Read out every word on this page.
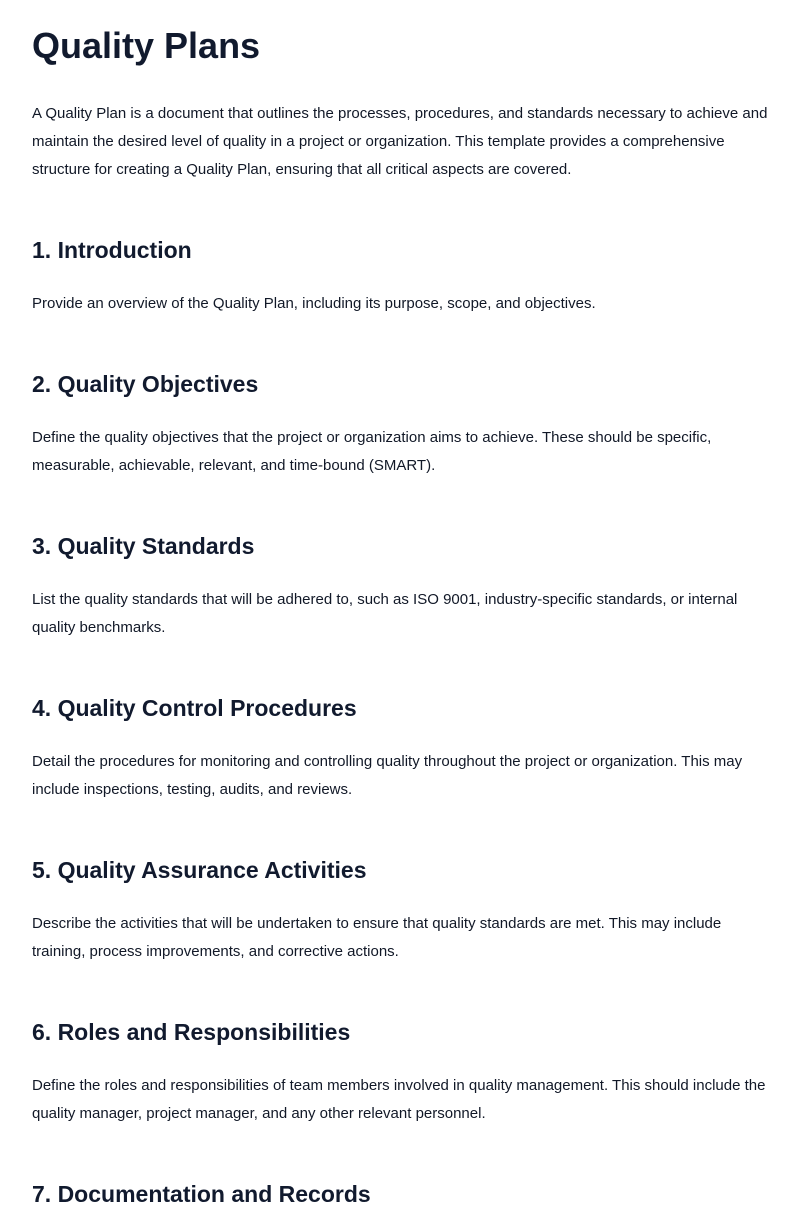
Quality Plans

A Quality Plan is a document that outlines the processes, procedures, and standards necessary to achieve and maintain the desired level of quality in a project or organization. This template provides a comprehensive structure for creating a Quality Plan, ensuring that all critical aspects are covered.

1. Introduction

Provide an overview of the Quality Plan, including its purpose, scope, and objectives.

2. Quality Objectives

Define the quality objectives that the project or organization aims to achieve. These should be specific, measurable, achievable, relevant, and time-bound (SMART).

3. Quality Standards

List the quality standards that will be adhered to, such as ISO 9001, industry-specific standards, or internal quality benchmarks.

4. Quality Control Procedures

Detail the procedures for monitoring and controlling quality throughout the project or organization. This may include inspections, testing, audits, and reviews.

5. Quality Assurance Activities

Describe the activities that will be undertaken to ensure that quality standards are met. This may include training, process improvements, and corrective actions.

6. Roles and Responsibilities

Define the roles and responsibilities of team members involved in quality management. This should include the quality manager, project manager, and any other relevant personnel.

7. Documentation and Records
